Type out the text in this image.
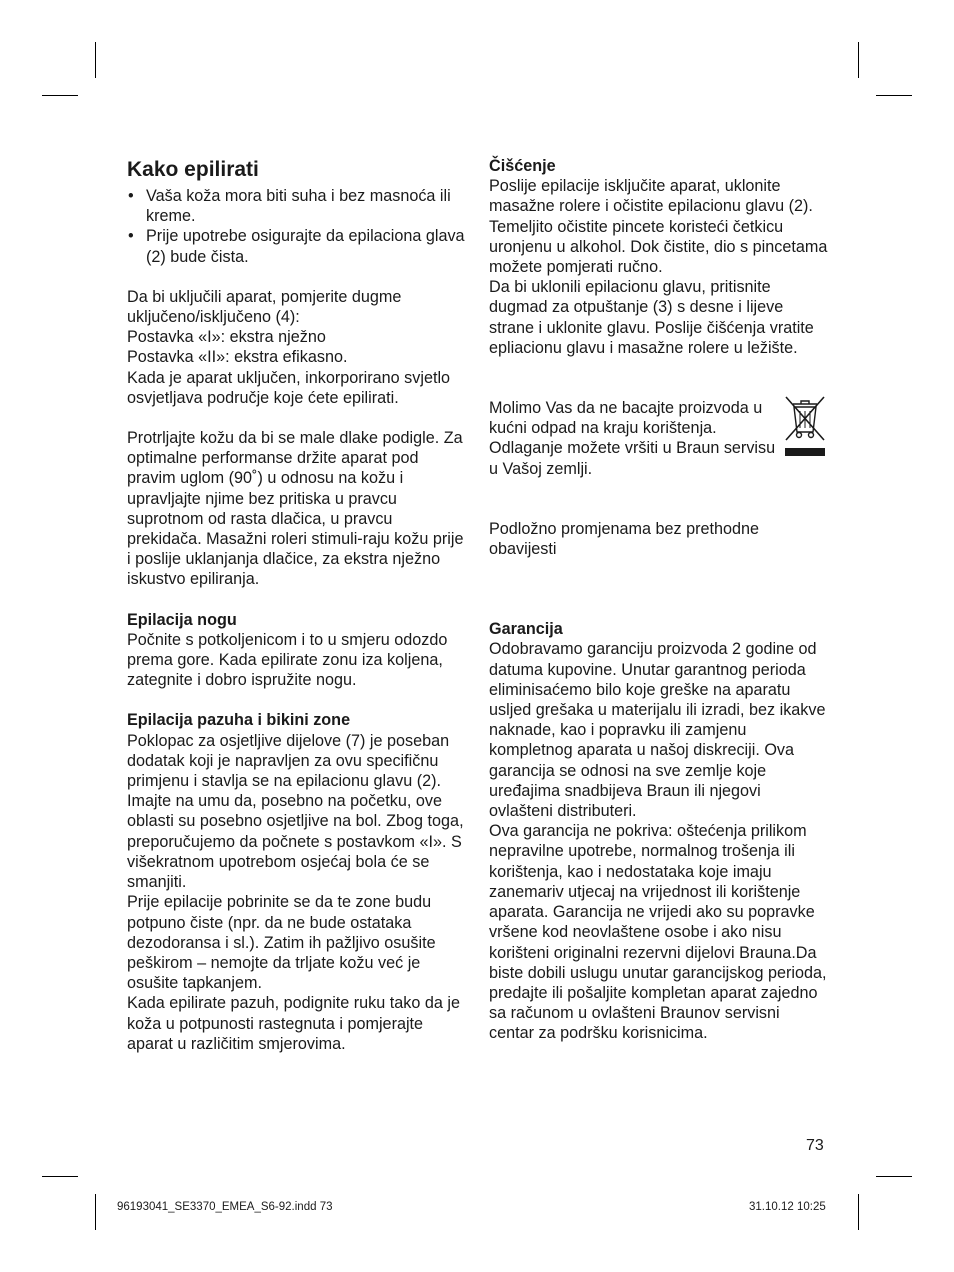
Kako epilirati
• Vaša koža mora biti suha i bez masnoća ili kreme.
• Prije upotrebe osigurajte da epilaciona glava (2) bude čista.

Da bi uključili aparat, pomjerite dugme uključeno/isključeno (4):

Postavka «I»: ekstra nježno

Postavka «II»: ekstra efikasno.

Kada je aparat uključen, inkorporirano svjetlo osvjetljava područje koje ćete epilirati.

Protrljajte kožu da bi se male dlake podigle. Za optimalne performanse držite aparat pod pravim uglom (90˚) u odnosu na kožu i upravljajte njime bez pritiska u pravcu suprotnom od rasta dlačica, u pravcu prekidača. Masažni roleri stimuli-raju kožu prije i poslije uklanjanja dlačice, za ekstra nježno iskustvo epiliranja.

Epilacija nogu

Počnite s potkoljenicom i to u smjeru odozdo prema gore. Kada epilirate zonu iza koljena, zategnite i dobro ispružite nogu.

Epilacija pazuha i bikini zone

Poklopac za osjetljive dijelove (7) je poseban dodatak koji je napravljen za ovu specifičnu primjenu i stavlja se na epilacionu glavu (2).

Imajte na umu da, posebno na početku, ove oblasti su posebno osjetljive na bol. Zbog toga, preporučujemo da počnete s postavkom «I». S višekratnom upotrebom osjećaj bola će se smanjiti.

Prije epilacije pobrinite se da te zone budu potpuno čiste (npr. da ne bude ostataka dezodoransa i sl.). Zatim ih pažljivo osušite peškirom – nemojte da trljate kožu već je osušite tapkanjem.

Kada epilirate pazuh, podignite ruku tako da je koža u potpunosti rastegnuta i pomjerajte aparat u različitim smjerovima.

Čišćenje

Poslije epilacije isključite aparat, uklonite masažne rolere i očistite epilacionu glavu (2).

Temeljito očistite pincete koristeći četkicu uronjenu u alkohol. Dok čistite, dio s pincetama možete pomjerati ručno.

Da bi uklonili epilacionu glavu, pritisnite dugmad za otpuštanje (3) s desne i lijeve strane i uklonite glavu. Poslije čišćenja vratite epliacionu glavu i masažne rolere u ležište.

Molimo Vas da ne bacajte proizvoda u kućni odpad na kraju korištenja. Odlaganje možete vršiti u Braun servisu u Vašoj zemlji.

Podložno promjenama bez prethodne obavijesti

Garancija

Odobravamo garanciju proizvoda 2 godine od datuma kupovine. Unutar garantnog perioda eliminisaćemo bilo koje greške na aparatu usljed grešaka u materijalu ili izradi, bez ikakve naknade, kao i popravku ili zamjenu kompletnog aparata u našoj diskreciji. Ova garancija se odnosi na sve zemlje koje uređajima snadbijeva Braun ili njegovi ovlašteni distributeri.

Ova garancija ne pokriva: oštećenja prilikom nepravilne upotrebe, normalnog trošenja ili korištenja, kao i nedostataka koje imaju zanemariv utjecaj na vrijednost ili korištenje aparata. Garancija ne vrijedi ako su popravke vršene kod neovlaštene osobe i ako nisu korišteni originalni rezervni dijelovi Brauna.Da biste dobili uslugu unutar garancijskog perioda, predajte ili pošaljite kompletan aparat zajedno sa računom u ovlašteni Braunov servisni centar za podršku korisnicima.

73
96193041_SE3370_EMEA_S6-92.indd 73	31.10.12 10:25
